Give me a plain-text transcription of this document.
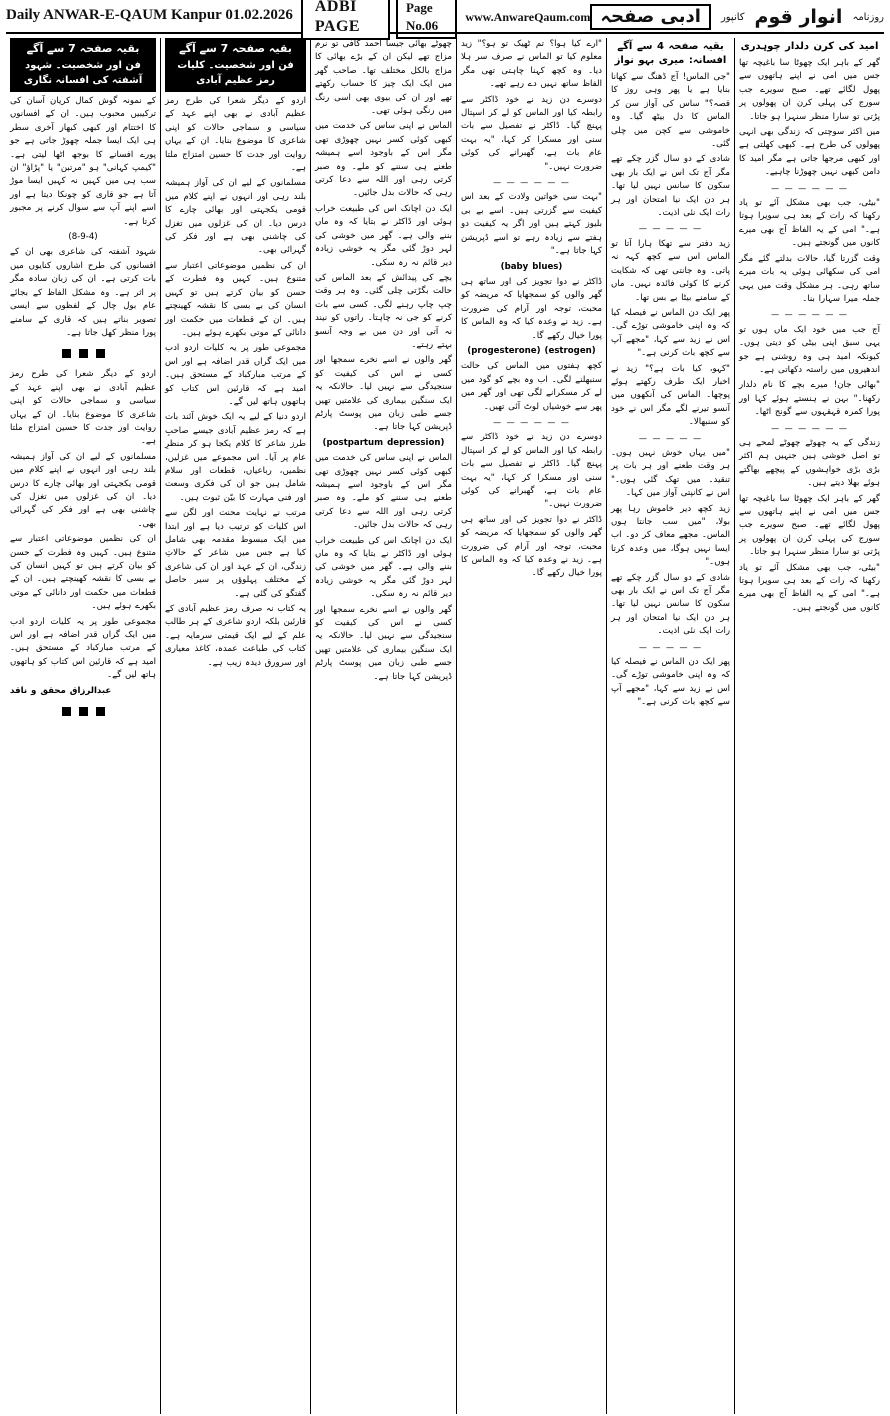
Daily ANWAR-E-QAUM Kanpur 01.02.2026	ADBI PAGE
Page No.06
www.AnwareQaum.com	روزنامہ
انوار قوم
کانپور
ادبی صفحہ
امید کی کرن دلدار چوہدری

گھر کے باہر ایک چھوٹا سا باغیچہ تھا جس میں امی نے اپنے ہاتھوں سے پھول لگائے تھے۔ صبح سویرے جب سورج کی پہلی کرن ان پھولوں پر پڑتی تو سارا منظر سنہرا ہو جاتا۔

میں اکثر سوچتی کہ زندگی بھی انہی پھولوں کی طرح ہے۔ کبھی کھلتی ہے اور کبھی مرجھا جاتی ہے مگر امید کا دامن کبھی نہیں چھوڑنا چاہیے۔

— — — — — —

"بیٹی، جب بھی مشکل آئے تو یاد رکھنا کہ رات کے بعد ہی سویرا ہوتا ہے۔" امی کے یہ الفاظ آج بھی میرے کانوں میں گونجتے ہیں۔

وقت گزرتا گیا، حالات بدلتے گئے مگر امی کی سکھائی ہوئی یہ بات میرے ساتھ رہی۔ ہر مشکل وقت میں یہی جملہ میرا سہارا بنا۔

— — — — — —

آج جب میں خود ایک ماں ہوں تو یہی سبق اپنی بیٹی کو دیتی ہوں۔ کیونکہ امید ہی وہ روشنی ہے جو اندھیروں میں راستہ دکھاتی ہے۔

"بھائی جان! میرے بچے کا نام دلدار رکھنا۔" بہن نے ہنستے ہوئے کہا اور پورا کمرہ قہقہوں سے گونج اٹھا۔

— — — — — —

زندگی کے یہ چھوٹے چھوٹے لمحے ہی تو اصل خوشی ہیں جنہیں ہم اکثر بڑی بڑی خواہشوں کے پیچھے بھاگتے ہوئے بھلا دیتے ہیں۔

گھر کے باہر ایک چھوٹا سا باغیچہ تھا جس میں امی نے اپنے ہاتھوں سے پھول لگائے تھے۔ صبح سویرے جب سورج کی پہلی کرن ان پھولوں پر پڑتی تو سارا منظر سنہرا ہو جاتا۔

"بیٹی، جب بھی مشکل آئے تو یاد رکھنا کہ رات کے بعد ہی سویرا ہوتا ہے۔" امی کے یہ الفاظ آج بھی میرے کانوں میں گونجتے ہیں۔

بقیہ صفحہ 4 سے آگے
افسانہ: میری بہو نواز

"جی الماس! آج ڈھنگ سے کھانا بنایا ہے یا پھر وہی روز کا قصہ؟" ساس کی آواز سن کر الماس کا دل بیٹھ گیا۔ وہ خاموشی سے کچن میں چلی گئی۔

شادی کے دو سال گزر چکے تھے مگر آج تک اس نے ایک بار بھی سکون کا سانس نہیں لیا تھا۔ ہر دن ایک نیا امتحان اور ہر رات ایک نئی اذیت۔

— — — — —

زید دفتر سے تھکا ہارا آتا تو الماس اس سے کچھ کہہ نہ پاتی۔ وہ جانتی تھی کہ شکایت کرنے کا کوئی فائدہ نہیں۔ ماں کے سامنے بیٹا بے بس تھا۔

پھر ایک دن الماس نے فیصلہ کیا کہ وہ اپنی خاموشی توڑے گی۔ اس نے زید سے کہا، "مجھے آپ سے کچھ بات کرنی ہے۔"

"کہو، کیا بات ہے؟" زید نے اخبار ایک طرف رکھتے ہوئے پوچھا۔ الماس کی آنکھوں میں آنسو تیرنے لگے مگر اس نے خود کو سنبھالا۔

— — — — —

"میں یہاں خوش نہیں ہوں۔ ہر وقت طعنے اور ہر بات پر تنقید۔ میں تھک گئی ہوں۔" اس نے کانپتی آواز میں کہا۔

زید کچھ دیر خاموش رہا پھر بولا، "میں سب جانتا ہوں الماس۔ مجھے معاف کر دو۔ اب ایسا نہیں ہوگا، میں وعدہ کرتا ہوں۔"

شادی کے دو سال گزر چکے تھے مگر آج تک اس نے ایک بار بھی سکون کا سانس نہیں لیا تھا۔ ہر دن ایک نیا امتحان اور ہر رات ایک نئی اذیت۔

— — — — —

پھر ایک دن الماس نے فیصلہ کیا کہ وہ اپنی خاموشی توڑے گی۔ اس نے زید سے کہا، "مجھے آپ سے کچھ بات کرنی ہے۔"

"ارے کیا ہوا؟ تم ٹھیک تو ہو؟" زید معلوم کیا تو الماس نے صرف سر ہلا دیا۔ وہ کچھ کہنا چاہتی تھی مگر الفاظ ساتھ نہیں دے رہے تھے۔

دوسرے دن زید نے خود ڈاکٹر سے رابطہ کیا اور الماس کو لے کر اسپتال پہنچ گیا۔ ڈاکٹر نے تفصیل سے بات سنی اور مسکرا کر کہا، "یہ بہت عام بات ہے، گھبرانے کی کوئی ضرورت نہیں۔"

— — — — — —

"بہت سی خواتین ولادت کے بعد اس کیفیت سے گزرتی ہیں۔ اسے بے بی بلیوز کہتے ہیں اور اگر یہ کیفیت دو ہفتے سے زیادہ رہے تو اسے ڈپریشن کہا جاتا ہے۔"

(baby blues)

ڈاکٹر نے دوا تجویز کی اور ساتھ ہی گھر والوں کو سمجھایا کہ مریضہ کو محبت، توجہ اور آرام کی ضرورت ہے۔ زید نے وعدہ کیا کہ وہ الماس کا پورا خیال رکھے گا۔

(estrogen) (progesterone)

کچھ ہفتوں میں الماس کی حالت سنبھلنے لگی۔ اب وہ بچے کو گود میں لے کر مسکرانے لگی تھی اور گھر میں پھر سے خوشیاں لوٹ آئی تھیں۔

— — — — — —

دوسرے دن زید نے خود ڈاکٹر سے رابطہ کیا اور الماس کو لے کر اسپتال پہنچ گیا۔ ڈاکٹر نے تفصیل سے بات سنی اور مسکرا کر کہا، "یہ بہت عام بات ہے، گھبرانے کی کوئی ضرورت نہیں۔"

ڈاکٹر نے دوا تجویز کی اور ساتھ ہی گھر والوں کو سمجھایا کہ مریضہ کو محبت، توجہ اور آرام کی ضرورت ہے۔ زید نے وعدہ کیا کہ وہ الماس کا پورا خیال رکھے گا۔

چھوٹے بھائی جیسا احمد کافی تو نرم مزاج تھے لیکن ان کے بڑے بھائی کا مزاج بالکل مختلف تھا۔ صاحب گھر میں ایک ایک چیز کا حساب رکھتے تھے اور ان کی بیوی بھی اسی رنگ میں رنگی ہوئی تھی۔

الماس نے اپنی ساس کی خدمت میں کبھی کوئی کسر نہیں چھوڑی تھی مگر اس کے باوجود اسے ہمیشہ طعنے ہی سننے کو ملے۔ وہ صبر کرتی رہی اور اللہ سے دعا کرتی رہی کہ حالات بدل جائیں۔

ایک دن اچانک اس کی طبیعت خراب ہوئی اور ڈاکٹر نے بتایا کہ وہ ماں بننے والی ہے۔ گھر میں خوشی کی لہر دوڑ گئی مگر یہ خوشی زیادہ دیر قائم نہ رہ سکی۔

بچے کی پیدائش کے بعد الماس کی حالت بگڑتی چلی گئی۔ وہ ہر وقت چپ چاپ رہنے لگی۔ کسی سے بات کرنے کو جی نہ چاہتا۔ راتوں کو نیند نہ آتی اور دن میں بے وجہ آنسو بہتے رہتے۔

گھر والوں نے اسے نخرے سمجھا اور کسی نے اس کی کیفیت کو سنجیدگی سے نہیں لیا۔ حالانکہ یہ ایک سنگین بیماری کی علامتیں تھیں جسے طبی زبان میں پوسٹ پارٹم ڈپریشن کہا جاتا ہے۔

(postpartum depression)

الماس نے اپنی ساس کی خدمت میں کبھی کوئی کسر نہیں چھوڑی تھی مگر اس کے باوجود اسے ہمیشہ طعنے ہی سننے کو ملے۔ وہ صبر کرتی رہی اور اللہ سے دعا کرتی رہی کہ حالات بدل جائیں۔

ایک دن اچانک اس کی طبیعت خراب ہوئی اور ڈاکٹر نے بتایا کہ وہ ماں بننے والی ہے۔ گھر میں خوشی کی لہر دوڑ گئی مگر یہ خوشی زیادہ دیر قائم نہ رہ سکی۔

گھر والوں نے اسے نخرے سمجھا اور کسی نے اس کی کیفیت کو سنجیدگی سے نہیں لیا۔ حالانکہ یہ ایک سنگین بیماری کی علامتیں تھیں جسے طبی زبان میں پوسٹ پارٹم ڈپریشن کہا جاتا ہے۔

بقیہ صفحہ 7 سے آگے
فن اور شخصیت۔ کلیات رمز عظیم آبادی

اردو کے دیگر شعرا کی طرح رمز عظیم آبادی نے بھی اپنے عہد کے سیاسی و سماجی حالات کو اپنی شاعری کا موضوع بنایا۔ ان کے یہاں روایت اور جدت کا حسین امتزاج ملتا ہے۔

مسلمانوں کے لیے ان کی آواز ہمیشہ بلند رہی اور انہوں نے اپنے کلام میں قومی یکجہتی اور بھائی چارے کا درس دیا۔ ان کی غزلوں میں تغزل کی چاشنی بھی ہے اور فکر کی گہرائی بھی۔

ان کی نظمیں موضوعاتی اعتبار سے متنوع ہیں۔ کہیں وہ فطرت کے حسن کو بیان کرتے ہیں تو کہیں انسان کی بے بسی کا نقشہ کھینچتے ہیں۔ ان کے قطعات میں حکمت اور دانائی کے موتی بکھرے ہوئے ہیں۔

مجموعی طور پر یہ کلیات اردو ادب میں ایک گراں قدر اضافہ ہے اور اس کے مرتب مبارکباد کے مستحق ہیں۔ امید ہے کہ قارئین اس کتاب کو ہاتھوں ہاتھ لیں گے۔

اردو دنیا کے لیے یہ ایک خوش آئند بات ہے کہ رمز عظیم آبادی جیسے صاحبِ طرز شاعر کا کلام یکجا ہو کر منظرِ عام پر آیا۔ اس مجموعے میں غزلیں، نظمیں، رباعیاں، قطعات اور سلام شامل ہیں جو ان کی فکری وسعت اور فنی مہارت کا بیّن ثبوت ہیں۔

مرتب نے نہایت محنت اور لگن سے اس کلیات کو ترتیب دیا ہے اور ابتدا میں ایک مبسوط مقدمہ بھی شامل کیا ہے جس میں شاعر کے حالاتِ زندگی، ان کے عہد اور ان کی شاعری کے مختلف پہلوؤں پر سیر حاصل گفتگو کی گئی ہے۔

یہ کتاب نہ صرف رمز عظیم آبادی کے قارئین بلکہ اردو شاعری کے ہر طالب علم کے لیے ایک قیمتی سرمایہ ہے۔ کتاب کی طباعت عمدہ، کاغذ معیاری اور سرورق دیدہ زیب ہے۔

بقیہ صفحہ 7 سے آگے
فن اور شخصیت۔ شہود آشفتہ کی افسانہ نگاری

کے نمونہ گوش کمال کریان آسان کی ترکیبیں محبوب ہیں۔ ان کے افسانوں کا اختتام اور کبھی کبھار آخری سطر ہی ایک ایسا جملہ چھوڑ جاتی ہے جو پورے افسانے کا بوجھ اٹھا لیتی ہے۔ "کیمپ کہانی" ہو "مرتبن" یا "پڑاؤ" ان سب ہی میں کہیں نہ کہیں ایسا موڑ آتا ہے جو قاری کو چونکا دیتا ہے اور اسے اپنے آپ سے سوال کرنے پر مجبور کرتا ہے۔

(8-9-4)

شہود آشفتہ کی شاعری بھی ان کے افسانوں کی طرح اشاروں کنایوں میں بات کرتی ہے۔ ان کی زبان سادہ مگر پر اثر ہے۔ وہ مشکل الفاظ کے بجائے عام بول چال کے لفظوں سے ایسی تصویر بناتے ہیں کہ قاری کے سامنے پورا منظر کھل جاتا ہے۔

اردو کے دیگر شعرا کی طرح رمز عظیم آبادی نے بھی اپنے عہد کے سیاسی و سماجی حالات کو اپنی شاعری کا موضوع بنایا۔ ان کے یہاں روایت اور جدت کا حسین امتزاج ملتا ہے۔

مسلمانوں کے لیے ان کی آواز ہمیشہ بلند رہی اور انہوں نے اپنے کلام میں قومی یکجہتی اور بھائی چارے کا درس دیا۔ ان کی غزلوں میں تغزل کی چاشنی بھی ہے اور فکر کی گہرائی بھی۔

ان کی نظمیں موضوعاتی اعتبار سے متنوع ہیں۔ کہیں وہ فطرت کے حسن کو بیان کرتے ہیں تو کہیں انسان کی بے بسی کا نقشہ کھینچتے ہیں۔ ان کے قطعات میں حکمت اور دانائی کے موتی بکھرے ہوئے ہیں۔

مجموعی طور پر یہ کلیات اردو ادب میں ایک گراں قدر اضافہ ہے اور اس کے مرتب مبارکباد کے مستحق ہیں۔ امید ہے کہ قارئین اس کتاب کو ہاتھوں ہاتھ لیں گے۔

عبدالرزاق محقق و ناقد
